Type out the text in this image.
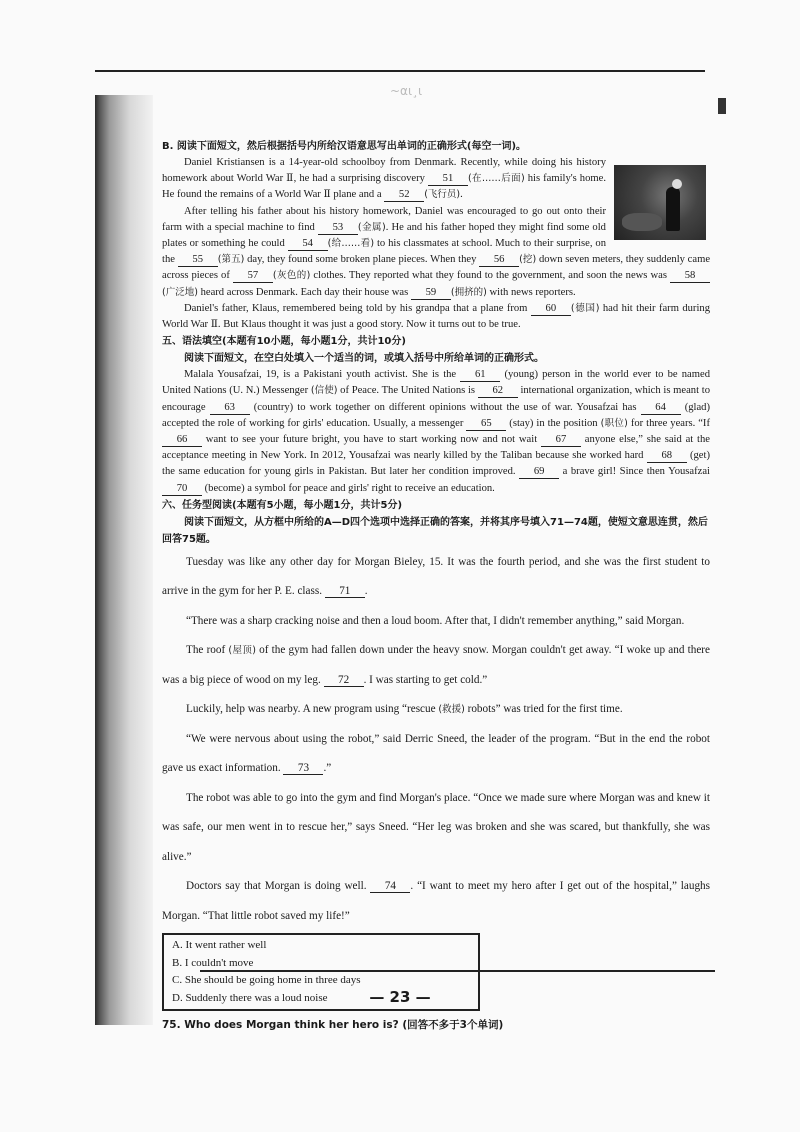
~αι¸ι
B. 阅读下面短文，然后根据括号内所给汉语意思写出单词的正确形式(每空一词)。

Daniel Kristiansen is a 14-year-old schoolboy from Denmark. Recently, while doing his history homework about World War Ⅱ, he had a surprising discovery 51 (在……后面) his family's home. He found the remains of a World War Ⅱ plane and a 52 (飞行员).

After telling his father about his history homework, Daniel was encouraged to go out onto their farm with a special machine to find 53 (金属). He and his father hoped they might find some old plates or something he could 54 (给……看) to his classmates at school. Much to their surprise, on the 55 (第五) day, they found some broken plane pieces. When they 56 (挖) down seven meters, they suddenly came across pieces of 57 (灰色的) clothes. They reported what they found to the government, and soon the news was 58(广泛地) heard across Denmark. Each day their house was 59 (拥挤的) with news reporters.

Daniel's father, Klaus, remembered being told by his grandpa that a plane from 60 (德国) had hit their farm during World War Ⅱ. But Klaus thought it was just a good story. Now it turns out to be true.

五、语法填空(本题有10小题，每小题1分，共计10分)
阅读下面短文，在空白处填入一个适当的词，或填入括号中所给单词的正确形式。

Malala Yousafzai, 19, is a Pakistani youth activist. She is the 61 (young) person in the world ever to be named United Nations (U. N.) Messenger (信使) of Peace. The United Nations is 62 international organization, which is meant to encourage 63 (country) to work together on different opinions without the use of war. Yousafzai has 64 (glad) accepted the role of working for girls' education. Usually, a messenger 65 (stay) in the position (职位) for three years. “If 66 want to see your future bright, you have to start working now and not wait 67 anyone else,” she said at the acceptance meeting in New York. In 2012, Yousafzai was nearly killed by the Taliban because she worked hard 68 (get) the same education for young girls in Pakistan. But later her condition improved. 69 a brave girl! Since then Yousafzai 70 (become) a symbol for peace and girls' right to receive an education.

六、任务型阅读(本题有5小题，每小题1分，共计5分)
阅读下面短文，从方框中所给的A—D四个选项中选择正确的答案，并将其序号填入71—74题，使短文意思连贯，然后回答75题。

Tuesday was like any other day for Morgan Bieley, 15. It was the fourth period, and she was the first student to arrive in the gym for her P. E. class. 71 .

“There was a sharp cracking noise and then a loud boom. After that, I didn't remember anything,” said Morgan.

The roof (屋顶) of the gym had fallen down under the heavy snow. Morgan couldn't get away. “I woke up and there was a big piece of wood on my leg. 72 . I was starting to get cold.”

Luckily, help was nearby. A new program using “rescue (救援) robots” was tried for the first time.

“We were nervous about using the robot,” said Derric Sneed, the leader of the program. “But in the end the robot gave us exact information. 73 .”

The robot was able to go into the gym and find Morgan's place. “Once we made sure where Morgan was and knew it was safe, our men went in to rescue her,” says Sneed. “Her leg was broken and she was scared, but thankfully, she was alive.”

Doctors say that Morgan is doing well. 74 . “I want to meet my hero after I get out of the hospital,” laughs Morgan. “That little robot saved my life!”

A. It went rather well
B. I couldn't move
C. She should be going home in three days
D. Suddenly there was a loud noise
75. Who does Morgan think her hero is? (回答不多于3个单词)
— 23 —
